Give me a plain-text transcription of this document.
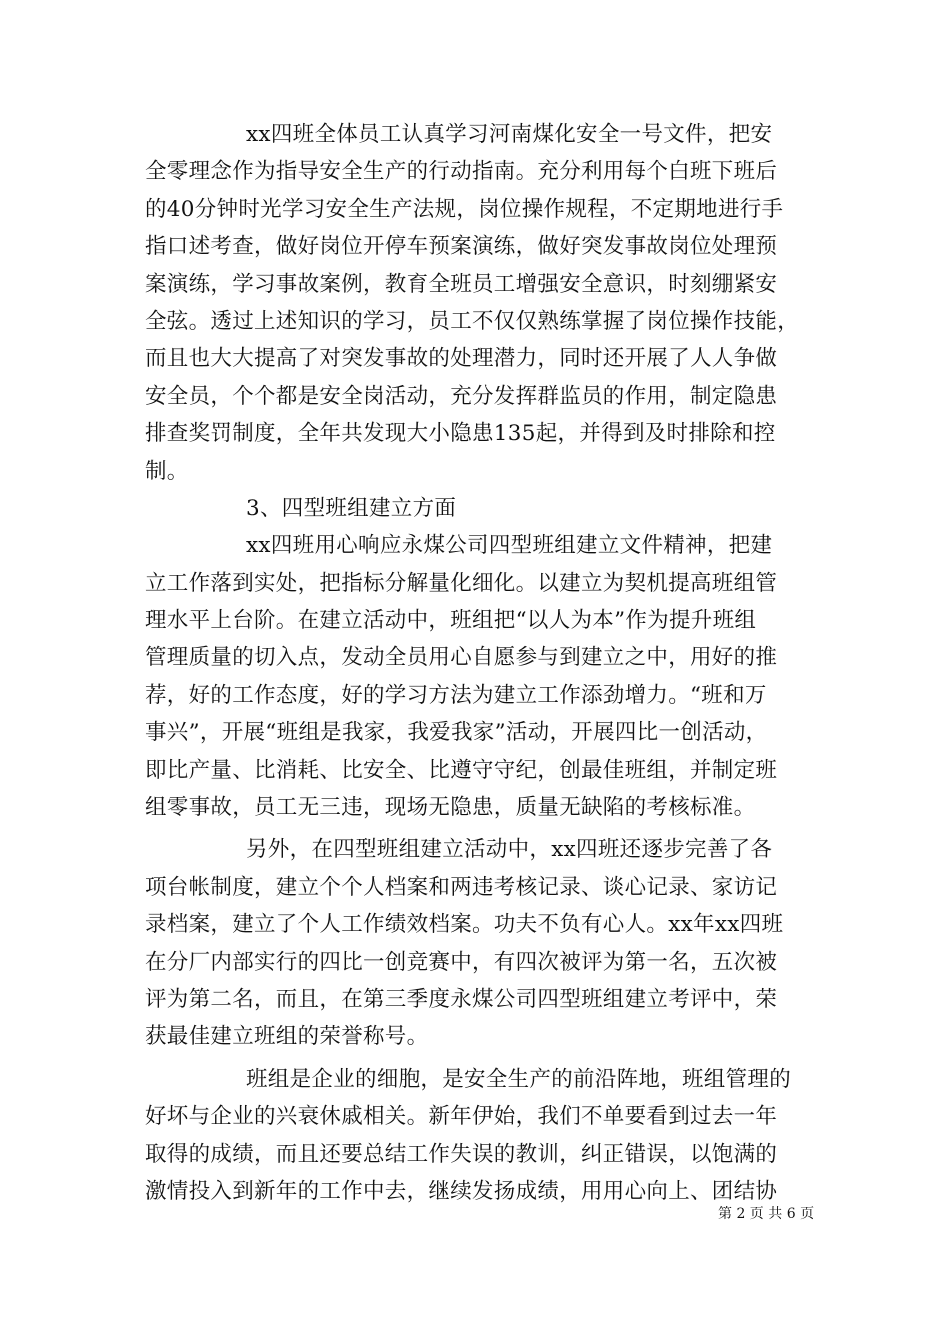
xx四班全体员工认真学习河南煤化安全一号文件，把安
全零理念作为指导安全生产的行动指南。充分利用每个白班下班后
的40分钟时光学习安全生产法规，岗位操作规程，不定期地进行手
指口述考查，做好岗位开停车预案演练，做好突发事故岗位处理预
案演练，学习事故案例，教育全班员工增强安全意识，时刻绷紧安
全弦。透过上述知识的学习，员工不仅仅熟练掌握了岗位操作技能，
而且也大大提高了对突发事故的处理潜力，同时还开展了人人争做
安全员，个个都是安全岗活动，充分发挥群监员的作用，制定隐患
排查奖罚制度，全年共发现大小隐患135起，并得到及时排除和控
制。
3、四型班组建立方面
xx四班用心响应永煤公司四型班组建立文件精神，把建
立工作落到实处，把指标分解量化细化。以建立为契机提高班组管
理水平上台阶。在建立活动中，班组把“以人为本”作为提升班组
管理质量的切入点，发动全员用心自愿参与到建立之中，用好的推
荐，好的工作态度，好的学习方法为建立工作添劲增力。“班和万
事兴”，开展“班组是我家，我爱我家”活动，开展四比一创活动，
即比产量、比消耗、比安全、比遵守守纪，创最佳班组，并制定班
组零事故，员工无三违，现场无隐患，质量无缺陷的考核标准。
另外，在四型班组建立活动中，xx四班还逐步完善了各
项台帐制度，建立个个人档案和两违考核记录、谈心记录、家访记
录档案，建立了个人工作绩效档案。功夫不负有心人。xx年xx四班
在分厂内部实行的四比一创竞赛中，有四次被评为第一名，五次被
评为第二名，而且，在第三季度永煤公司四型班组建立考评中，荣
获最佳建立班组的荣誉称号。
班组是企业的细胞，是安全生产的前沿阵地，班组管理的
好坏与企业的兴衰休戚相关。新年伊始，我们不单要看到过去一年
取得的成绩，而且还要总结工作失误的教训，纠正错误，以饱满的
激情投入到新年的工作中去，继续发扬成绩，用用心向上、团结协
第 2 页 共 6 页
